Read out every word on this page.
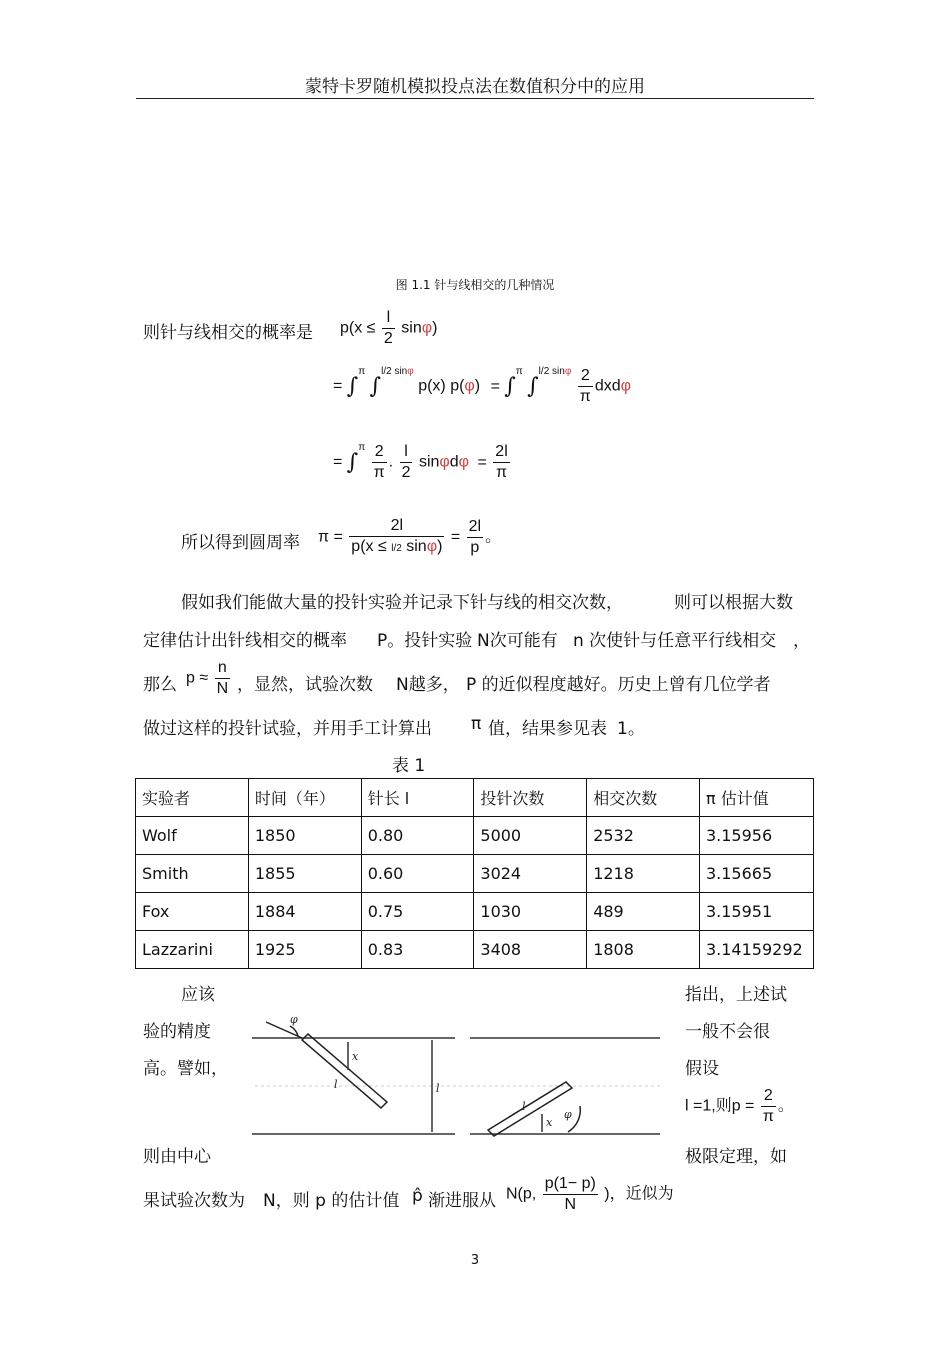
蒙特卡罗随机模拟投点法在数值积分中的应用
图 1.1 针与线相交的几种情况
则针与线相交的概率是 $p(x \le \frac{l}{2} \sin\varphi)$
= ∫$^\pi$ ∫$^{l/2 sin\varphi}$ p(x) p(φ) = ∫$^\pi$ $\int^{l/2 sin\varphi} \frac{2}{\pi}$ dxdφ
= $\int^\pi \frac{2}{\pi}$ . $\frac{l}{2}$ $\sin\varphi d\varphi = \frac{2l}{\pi}$
所以得到圆周率 $\pi = \frac{2l}{p(x \le l/2 \sin\varphi)} = \frac{2l}{p}$ 。
假如我们能做大量的投针实验并记录下针与线的相交次数，	则可以根据大数
定律估计出针线相交的概率 P。投针实验 N次可能有 n 次使针与任意平行线相交 ，
那么 $p \approx \frac{n}{N}$ ，显然，试验次数 N越多， P 的近似程度越好。历史上曾有几位学者
做过这样的投针试验，并用手工计算出 π 值，结果参见表 1。
表 1
实验者	时间（年）	针长 l	投针次数	相交次数	π 估计值
Wolf	1850	0.80	5000	2532	3.15956
Smith	1855	0.60	3024	1218	3.15665
Fox	1884	0.75	1030	489	3.15951
Lazzarini	1925	0.83	3408	1808	3.14159292
应该
验的精度
高。譬如，
则由中心
指出，上述试
一般不会很
假设
l =1,则$p = \frac{2}{\pi}$ 。
极限定理，如
φ
x
l	l
l
x
φ
果试验次数为 N，则 p 的估计值 p̂ 渐进服从 N(p, $\frac{p(1- p)}{N}$ )，近似为
3
